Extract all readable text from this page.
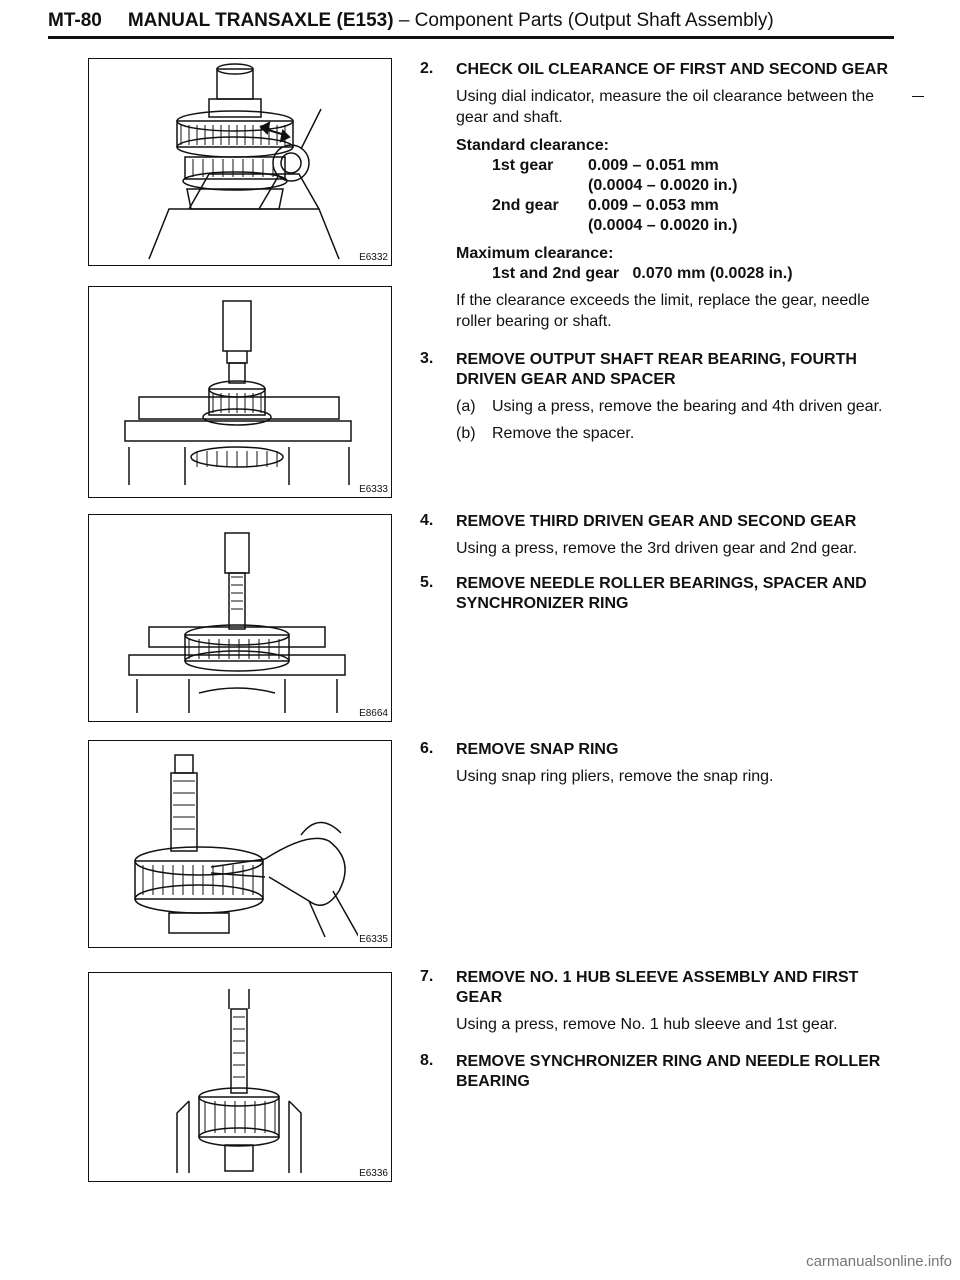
MT-80 MANUAL TRANSAXLE (E153) – Component Parts (Output Shaft Assembly)
E6332
E6333
E8664
E6335
E6336
2. CHECK OIL CLEARANCE OF FIRST AND SECOND GEAR

Using dial indicator, measure the oil clearance between the gear and shaft.

Standard clearance:
1st gear	0.009 – 0.051 mm
(0.0004 – 0.0020 in.)
2nd gear	0.009 – 0.053 mm
(0.0004 – 0.0020 in.)
Maximum clearance:
1st and 2nd gear   0.070 mm (0.0028 in.)

If the clearance exceeds the limit, replace the gear, needle roller bearing or shaft.

3. REMOVE OUTPUT SHAFT REAR BEARING, FOURTH DRIVEN GEAR AND SPACER
(a)	Using a press, remove the bearing and 4th driven gear.
(b)	Remove the spacer.
4. REMOVE THIRD DRIVEN GEAR AND SECOND GEAR

Using a press, remove the 3rd driven gear and 2nd gear.

5. REMOVE NEEDLE ROLLER BEARINGS, SPACER AND SYNCHRONIZER RING
6. REMOVE SNAP RING

Using snap ring pliers, remove the snap ring.

7. REMOVE NO. 1 HUB SLEEVE ASSEMBLY AND FIRST GEAR

Using a press, remove No. 1 hub sleeve and 1st gear.

8. REMOVE SYNCHRONIZER RING AND NEEDLE ROLLER BEARING
carmanualsonline.info
